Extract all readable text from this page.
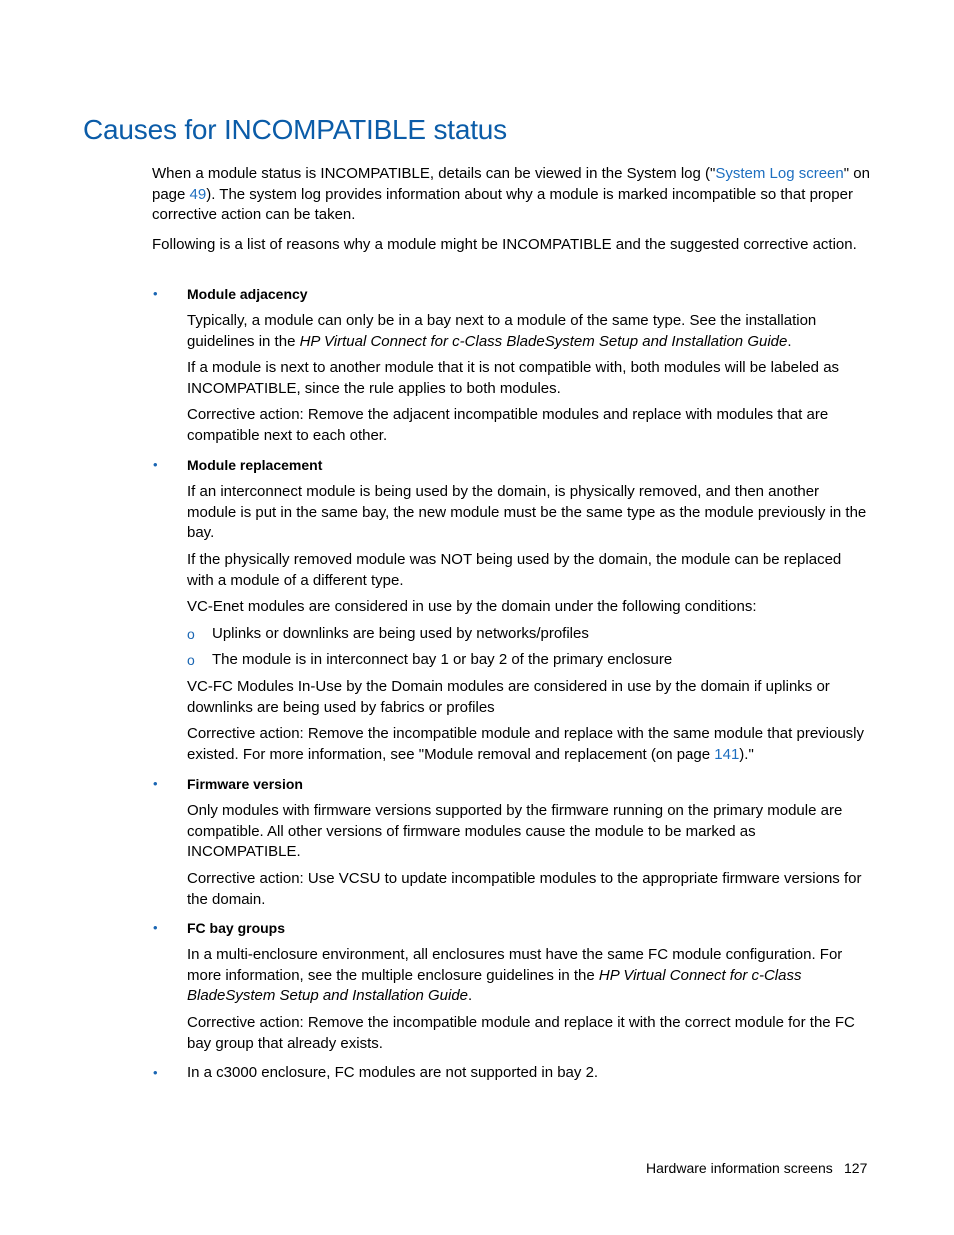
Causes for INCOMPATIBLE status

When a module status is INCOMPATIBLE, details can be viewed in the System log ("System Log screen" on page 49). The system log provides information about why a module is marked incompatible so that proper corrective action can be taken.

Following is a list of reasons why a module might be INCOMPATIBLE and the suggested corrective action.

• Module adjacency

Typically, a module can only be in a bay next to a module of the same type. See the installation guidelines in the HP Virtual Connect for c-Class BladeSystem Setup and Installation Guide.

If a module is next to another module that it is not compatible with, both modules will be labeled as INCOMPATIBLE, since the rule applies to both modules.

Corrective action: Remove the adjacent incompatible modules and replace with modules that are compatible next to each other.

• Module replacement

If an interconnect module is being used by the domain, is physically removed, and then another module is put in the same bay, the new module must be the same type as the module previously in the bay.

If the physically removed module was NOT being used by the domain, the module can be replaced with a module of a different type.

VC-Enet modules are considered in use by the domain under the following conditions:

o Uplinks or downlinks are being used by networks/profiles

o The module is in interconnect bay 1 or bay 2 of the primary enclosure

VC-FC Modules In-Use by the Domain modules are considered in use by the domain if uplinks or downlinks are being used by fabrics or profiles

Corrective action: Remove the incompatible module and replace with the same module that previously existed. For more information, see "Module removal and replacement (on page 141)."

• Firmware version

Only modules with firmware versions supported by the firmware running on the primary module are compatible. All other versions of firmware modules cause the module to be marked as INCOMPATIBLE.

Corrective action: Use VCSU to update incompatible modules to the appropriate firmware versions for the domain.

• FC bay groups

In a multi-enclosure environment, all enclosures must have the same FC module configuration. For more information, see the multiple enclosure guidelines in the HP Virtual Connect for c-Class BladeSystem Setup and Installation Guide.

Corrective action: Remove the incompatible module and replace it with the correct module for the FC bay group that already exists.

• In a c3000 enclosure, FC modules are not supported in bay 2.

Hardware information screens 127
